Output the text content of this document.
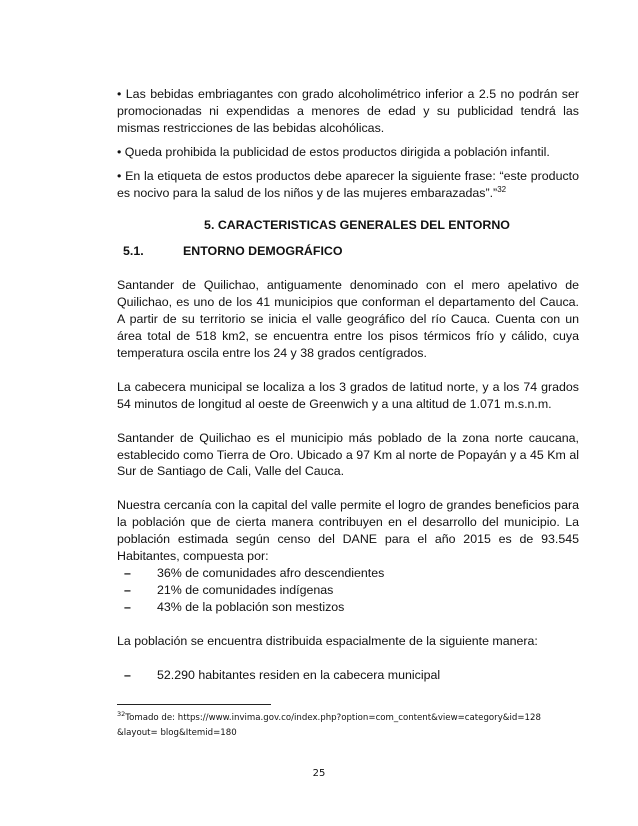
• Las bebidas embriagantes con grado alcoholimétrico inferior a 2.5 no podrán ser promocionadas ni expendidas a menores de edad y su publicidad tendrá las mismas restricciones de las bebidas alcohólicas.

• Queda prohibida la publicidad de estos productos dirigida a población infantil.

• En la etiqueta de estos productos debe aparecer la siguiente frase: “este producto es nocivo para la salud de los niños y de las mujeres embarazadas”.”$^{32}$

5. CARACTERISTICAS GENERALES DEL ENTORNO
5.1.	ENTORNO DEMOGRÁFICO

Santander de Quilichao, antiguamente denominado con el mero apelativo de Quilichao, es uno de los 41 municipios que conforman el departamento del Cauca. A partir de su territorio se inicia el valle geográfico del río Cauca. Cuenta con un área total de 518 km2, se encuentra entre los pisos térmicos frío y cálido, cuya temperatura oscila entre los 24 y 38 grados centígrados.

La cabecera municipal se localiza a los 3 grados de latitud norte, y a los 74 grados 54 minutos de longitud al oeste de Greenwich y a una altitud de 1.071 m.s.n.m.

Santander de Quilichao es el municipio más poblado de la zona norte caucana, establecido como Tierra de Oro. Ubicado a 97 Km al norte de Popayán y a 45 Km al Sur de Santiago de Cali, Valle del Cauca.

Nuestra cercanía con la capital del valle permite el logro de grandes beneficios para la población que de cierta manera contribuyen en el desarrollo del municipio. La población estimada según censo del DANE para el año 2015 es de 93.545 Habitantes, compuesta por:

–	36% de comunidades afro descendientes
–	21% de comunidades indígenas
–	43% de la población son mestizos

La población se encuentra distribuida espacialmente de la siguiente manera:

–	52.290 habitantes residen en la cabecera municipal
$^{32}$Tomado de: https://www.invima.gov.co/index.php?option=com_content&view=category&id=128
&layout= blog&Itemid=180
25
